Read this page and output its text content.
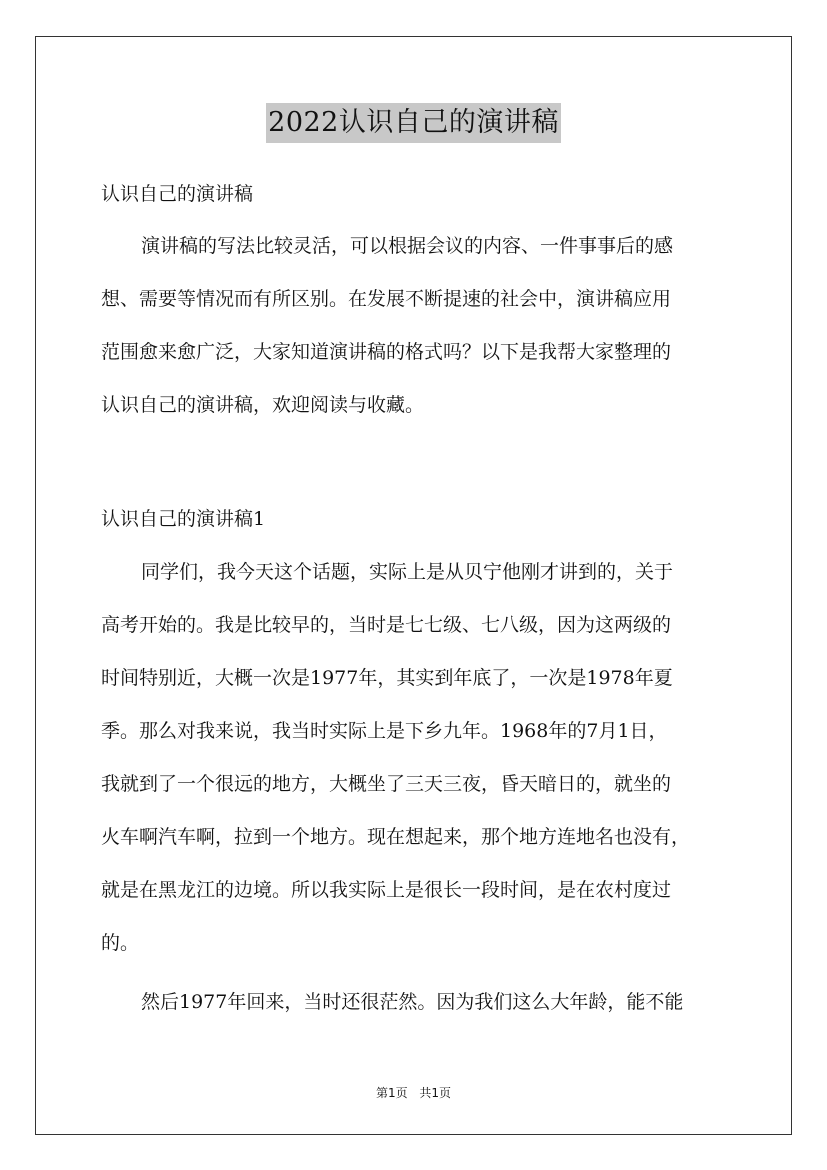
2022认识自己的演讲稿
认识自己的演讲稿
演讲稿的写法比较灵活，可以根据会议的内容、一件事事后的感
想、需要等情况而有所区别。在发展不断提速的社会中，演讲稿应用
范围愈来愈广泛，大家知道演讲稿的格式吗？以下是我帮大家整理的
认识自己的演讲稿，欢迎阅读与收藏。
认识自己的演讲稿1
同学们，我今天这个话题，实际上是从贝宁他刚才讲到的，关于
高考开始的。我是比较早的，当时是七七级、七八级，因为这两级的
时间特别近，大概一次是1977年，其实到年底了，一次是1978年夏
季。那么对我来说，我当时实际上是下乡九年。1968年的7月1日，
我就到了一个很远的地方，大概坐了三天三夜，昏天暗日的，就坐的
火车啊汽车啊，拉到一个地方。现在想起来，那个地方连地名也没有，
就是在黑龙江的边境。所以我实际上是很长一段时间，是在农村度过
的。
然后1977年回来，当时还很茫然。因为我们这么大年龄，能不能
第1页 共1页
